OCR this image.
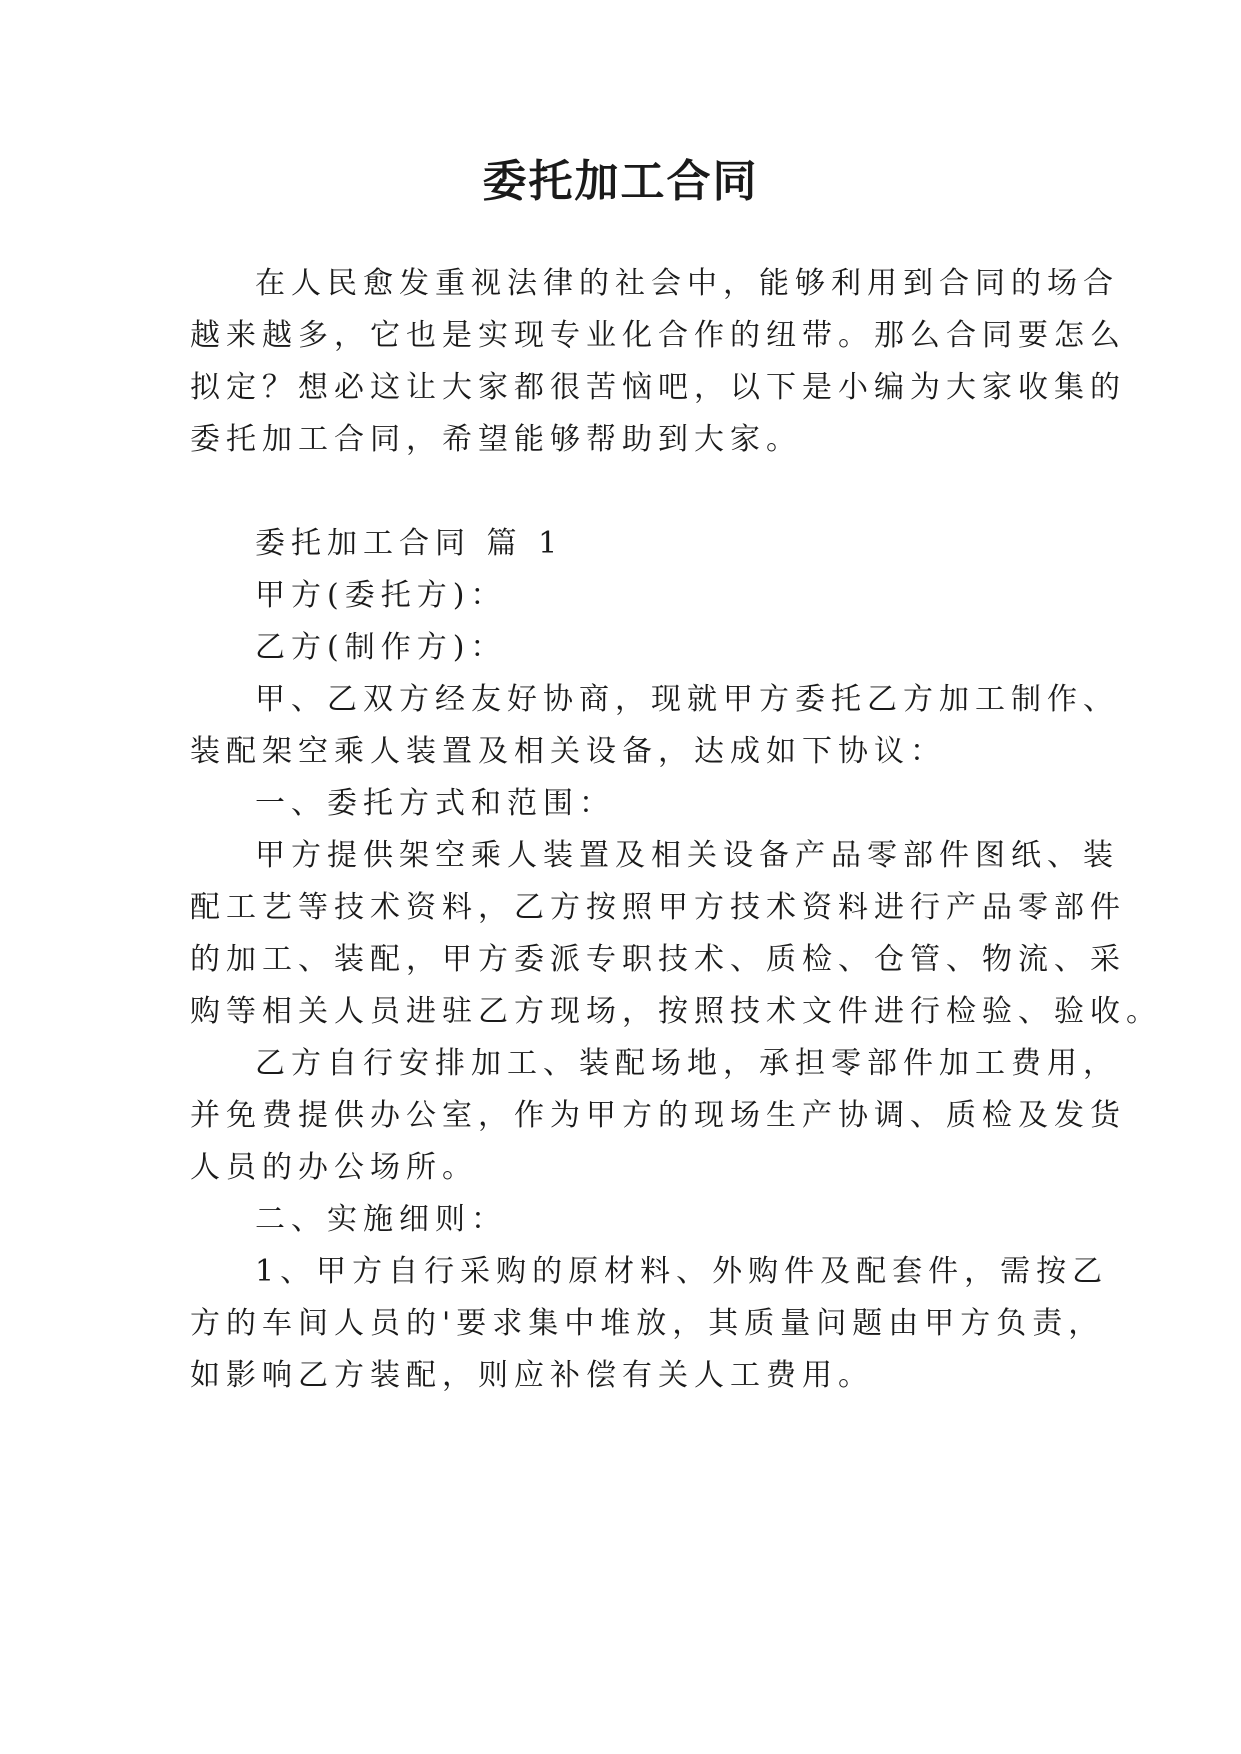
委托加工合同

在人民愈发重视法律的社会中，能够利用到合同的场合

越来越多，它也是实现专业化合作的纽带。那么合同要怎么

拟定？想必这让大家都很苦恼吧，以下是小编为大家收集的

委托加工合同，希望能够帮助到大家。

委托加工合同 篇 1

甲方(委托方)：

乙方(制作方)：

甲、乙双方经友好协商，现就甲方委托乙方加工制作、

装配架空乘人装置及相关设备，达成如下协议：

一、委托方式和范围：

甲方提供架空乘人装置及相关设备产品零部件图纸、装

配工艺等技术资料，乙方按照甲方技术资料进行产品零部件

的加工、装配，甲方委派专职技术、质检、仓管、物流、采

购等相关人员进驻乙方现场，按照技术文件进行检验、验收。

乙方自行安排加工、装配场地，承担零部件加工费用，

并免费提供办公室，作为甲方的现场生产协调、质检及发货

人员的办公场所。

二、实施细则：

1、甲方自行采购的原材料、外购件及配套件，需按乙

方的车间人员的'要求集中堆放，其质量问题由甲方负责，

如影响乙方装配，则应补偿有关人工费用。
